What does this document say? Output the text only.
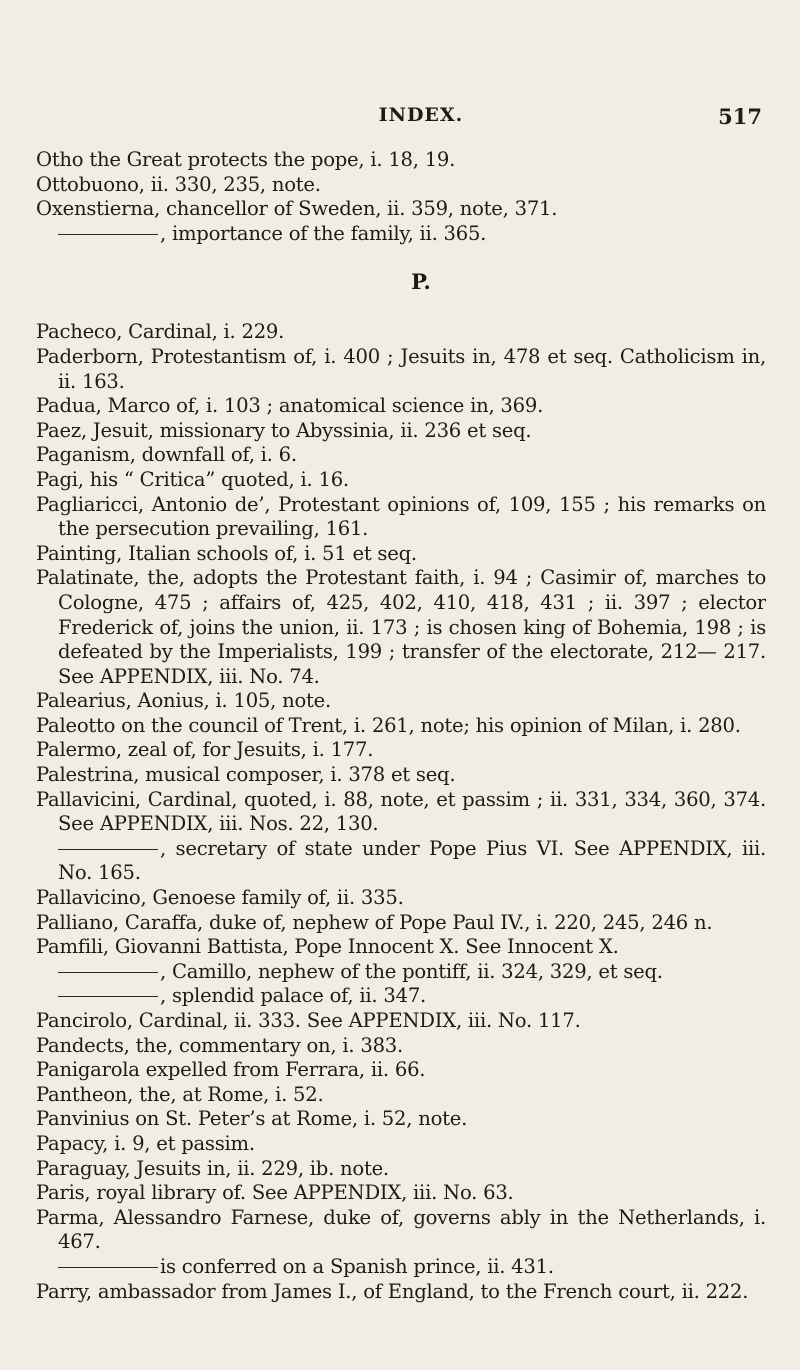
INDEX.	517
Otho the Great protects the pope, i. 18, 19.
Ottobuono, ii. 330, 235, note.
Oxenstierna, chancellor of Sweden, ii. 359, note, 371.
, importance of the family, ii. 365.
P.
Pacheco, Cardinal, i. 229.
Paderborn, Protestantism of, i. 400 ; Jesuits in, 478 et seq. Catholicism in, ii. 163.
Padua, Marco of, i. 103 ; anatomical science in, 369.
Paez, Jesuit, missionary to Abyssinia, ii. 236 et seq.
Paganism, downfall of, i. 6.
Pagi, his “ Critica” quoted, i. 16.
Pagliaricci, Antonio de’, Protestant opinions of, 109, 155 ; his remarks on the persecution prevailing, 161.
Painting, Italian schools of, i. 51 et seq.
Palatinate, the, adopts the Protestant faith, i. 94 ; Casimir of, marches to Cologne, 475 ; affairs of, 425, 402, 410, 418, 431 ; ii. 397 ; elector Frederick of, joins the union, ii. 173 ; is chosen king of Bohemia, 198 ; is defeated by the Imperialists, 199 ; transfer of the electorate, 212— 217. See APPENDIX, iii. No. 74.
Palearius, Aonius, i. 105, note.
Paleotto on the council of Trent, i. 261, note; his opinion of Milan, i. 280.
Palermo, zeal of, for Jesuits, i. 177.
Palestrina, musical composer, i. 378 et seq.
Pallavicini, Cardinal, quoted, i. 88, note, et passim ; ii. 331, 334, 360, 374. See APPENDIX, iii. Nos. 22, 130.
, secretary of state under Pope Pius VI. See APPENDIX, iii. No. 165.
Pallavicino, Genoese family of, ii. 335.
Palliano, Caraffa, duke of, nephew of Pope Paul IV., i. 220, 245, 246 n.
Pamfili, Giovanni Battista, Pope Innocent X. See Innocent X.
, Camillo, nephew of the pontiff, ii. 324, 329, et seq.
, splendid palace of, ii. 347.
Pancirolo, Cardinal, ii. 333. See APPENDIX, iii. No. 117.
Pandects, the, commentary on, i. 383.
Panigarola expelled from Ferrara, ii. 66.
Pantheon, the, at Rome, i. 52.
Panvinius on St. Peter’s at Rome, i. 52, note.
Papacy, i. 9, et passim.
Paraguay, Jesuits in, ii. 229, ib. note.
Paris, royal library of. See APPENDIX, iii. No. 63.
Parma, Alessandro Farnese, duke of, governs ably in the Netherlands, i. 467.
is conferred on a Spanish prince, ii. 431.
Parry, ambassador from James I., of England, to the French court, ii. 222.
